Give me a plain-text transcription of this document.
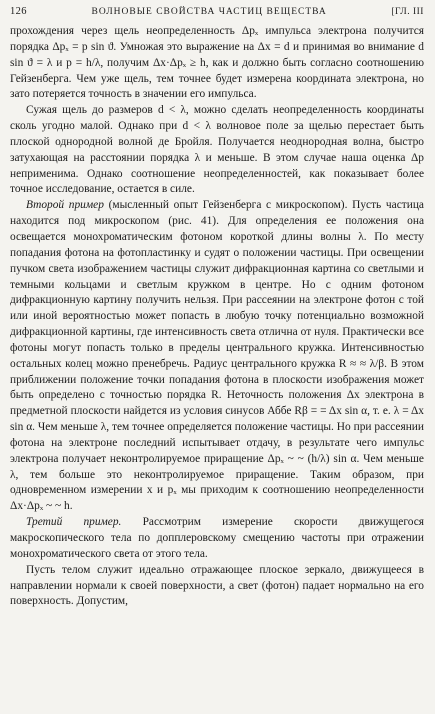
126	ВОЛНОВЫЕ СВОЙСТВА ЧАСТИЦ ВЕЩЕСТВА	[ГЛ. III

прохождения через щель неопределенность Δpₓ импульса электрона получится порядка Δpₓ = p sin ϑ. Умножая это выражение на Δx = d и принимая во внимание d sin ϑ = λ и p = h/λ, получим Δx·Δpₓ ≥ h, как и должно быть согласно соотношению Гейзенберга. Чем уже щель, тем точнее будет измерена координата электрона, но зато потеряется точность в значении его импульса.

Сужая щель до размеров d < λ, можно сделать неопределенность координаты сколь угодно малой. Однако при d < λ волновое поле за щелью перестает быть плоской однородной волной де Бройля. Получается неоднородная волна, быстро затухающая на расстоянии порядка λ и меньше. В этом случае наша оценка Δp неприменима. Однако соотношение неопределенностей, как показывает более точное исследование, остается в силе.

Второй пример (мысленный опыт Гейзенберга с микроскопом). Пусть частица находится под микроскопом (рис. 41). Для определения ее положения она освещается монохроматическим фотоном короткой длины волны λ. По месту попадания фотона на фотопластинку и судят о положении частицы. При освещении пучком света изображением частицы служит дифракционная картина со светлыми и темными кольцами и светлым кружком в центре. Но с одним фотоном дифракционную картину получить нельзя. При рассеянии на электроне фотон с той или иной вероятностью может попасть в любую точку потенциально возможной дифракционной картины, где интенсивность света отлична от нуля. Практически все фотоны могут попасть только в пределы центрального кружка. Интенсивностью остальных колец можно пренебречь. Радиус центрального кружка R ≈ ≈ λ/β. В этом приближении положение точки попадания фотона в плоскости изображения может быть определено с точностью порядка R. Неточность положения Δx электрона в предметной плоскости найдется из условия синусов Аббе Rβ = = Δx sin α, т. е. λ = Δx sin α. Чем меньше λ, тем точнее определяется положение частицы. Но при рассеянии фотона на электроне последний испытывает отдачу, в результате чего импульс электрона получает неконтролируемое приращение Δpₓ ~ ~ (h/λ) sin α. Чем меньше λ, тем больше это неконтролируемое приращение. Таким образом, при одновременном измерении x и pₓ мы приходим к соотношению неопределенности Δx·Δpₓ ~ ~ h.

Третий пример. Рассмотрим измерение скорости движущегося макроскопического тела по допплеровскому смещению частоты при отражении монохроматического света от этого тела.

Пусть телом служит идеально отражающее плоское зеркало, движущееся в направлении нормали к своей поверхности, а свет (фотон) падает нормально на его поверхность. Допустим,
